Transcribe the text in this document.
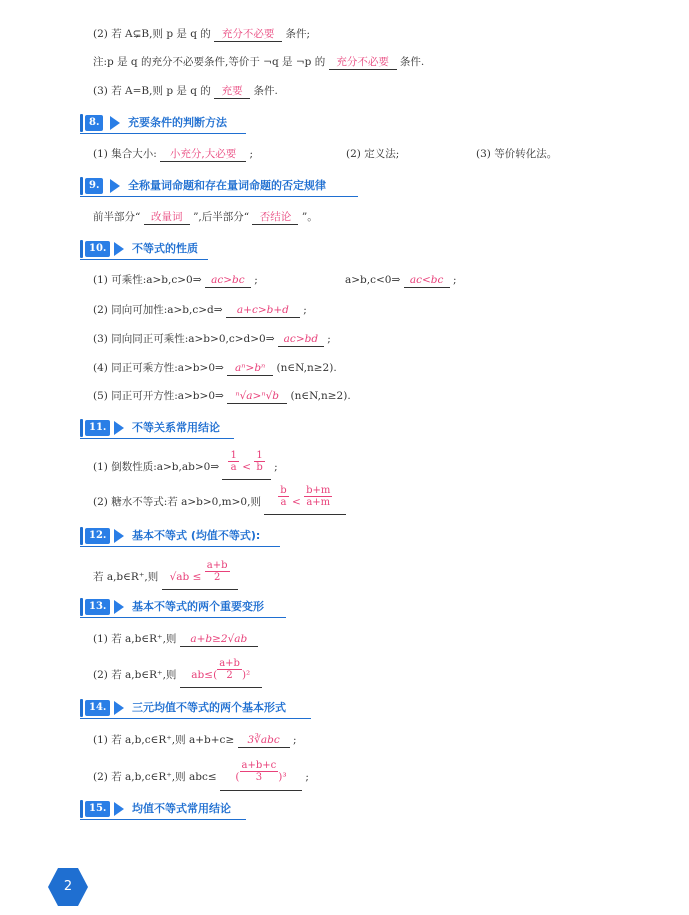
(2) 若 A⊊B,则 p 是 q 的 充分不必要 条件;
注:p 是 q 的充分不必要条件,等价于 ¬q 是 ¬p 的 充分不必要 条件.
(3) 若 A=B,则 p 是 q 的 充要 条件.
8.	充要条件的判断方法
(1) 集合大小: 小充分,大必要 ;	(2) 定义法;	(3) 等价转化法。
9.	全称量词命题和存在量词命题的否定规律
前半部分“ 改量词 ”,后半部分“ 否结论 ”。
10.	不等式的性质
(1) 可乘性:a>b,c>0⇒ ac>bc ;	a>b,c<0⇒ ac<bc ;
(2) 同向可加性:a>b,c>d⇒ a+c>b+d ;
(3) 同向同正可乘性:a>b>0,c>d>0⇒ ac>bd ;
(4) 同正可乘方性:a>b>0⇒ aⁿ>bⁿ (n∈N,n≥2).
(5) 同正可开方性:a>b>0⇒ ⁿ√a>ⁿ√b (n∈N,n≥2).
11.	不等关系常用结论
(1) 倒数性质:a>b,ab>0⇒ $\frac{1}{a} < \frac{1}{b}$ ;
(2) 糖水不等式:若 a>b>0,m>0,则 $\frac{b}{a} < \frac{b+m}{a+m}$
12.	基本不等式 (均值不等式):
若 a,b∈R⁺,则 $√ab \le \frac{a+b}{2}$
13.	基本不等式的两个重要变形
(1) 若 a,b∈R⁺,则 a+b≥2√ab
(2) 若 a,b∈R⁺,则 $ab\le( \frac{a+b}{2} )^2$
14.	三元均值不等式的两个基本形式
(1) 若 a,b,c∈R⁺,则 a+b+c≥ 3∛abc ;
(2) 若 a,b,c∈R⁺,则 abc≤ ( $\frac{a+b+c}{3} )^3$ ;
15.	均值不等式常用结论
2
